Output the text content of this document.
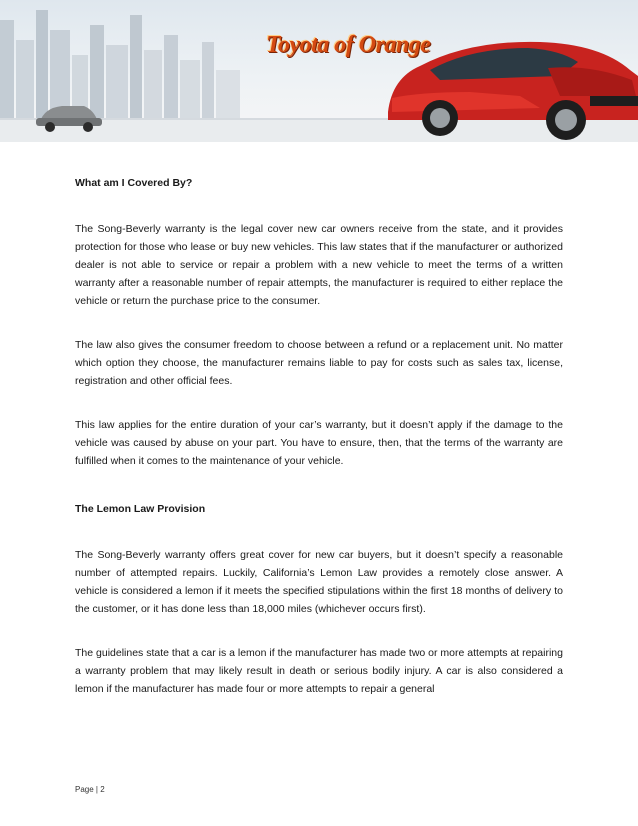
Toyota of Orange

What am I Covered By?

The Song-Beverly warranty is the legal cover new car owners receive from the state, and it provides protection for those who lease or buy new vehicles. This law states that if the manufacturer or authorized dealer is not able to service or repair a problem with a new vehicle to meet the terms of a written warranty after a reasonable number of repair attempts, the manufacturer is required to either replace the vehicle or return the purchase price to the consumer.

The law also gives the consumer freedom to choose between a refund or a replacement unit. No matter which option they choose, the manufacturer remains liable to pay for costs such as sales tax, license, registration and other official fees.

This law applies for the entire duration of your car’s warranty, but it doesn’t apply if the damage to the vehicle was caused by abuse on your part. You have to ensure, then, that the terms of the warranty are fulfilled when it comes to the maintenance of your vehicle.

The Lemon Law Provision

The Song-Beverly warranty offers great cover for new car buyers, but it doesn’t specify a reasonable number of attempted repairs. Luckily, California’s Lemon Law provides a remotely close answer. A vehicle is considered a lemon if it meets the specified stipulations within the first 18 months of delivery to the customer, or it has done less than 18,000 miles (whichever occurs first).

The guidelines state that a car is a lemon if the manufacturer has made two or more attempts at repairing a warranty problem that may likely result in death or serious bodily injury. A car is also considered a lemon if the manufacturer has made four or more attempts to repair a general

Page | 2
